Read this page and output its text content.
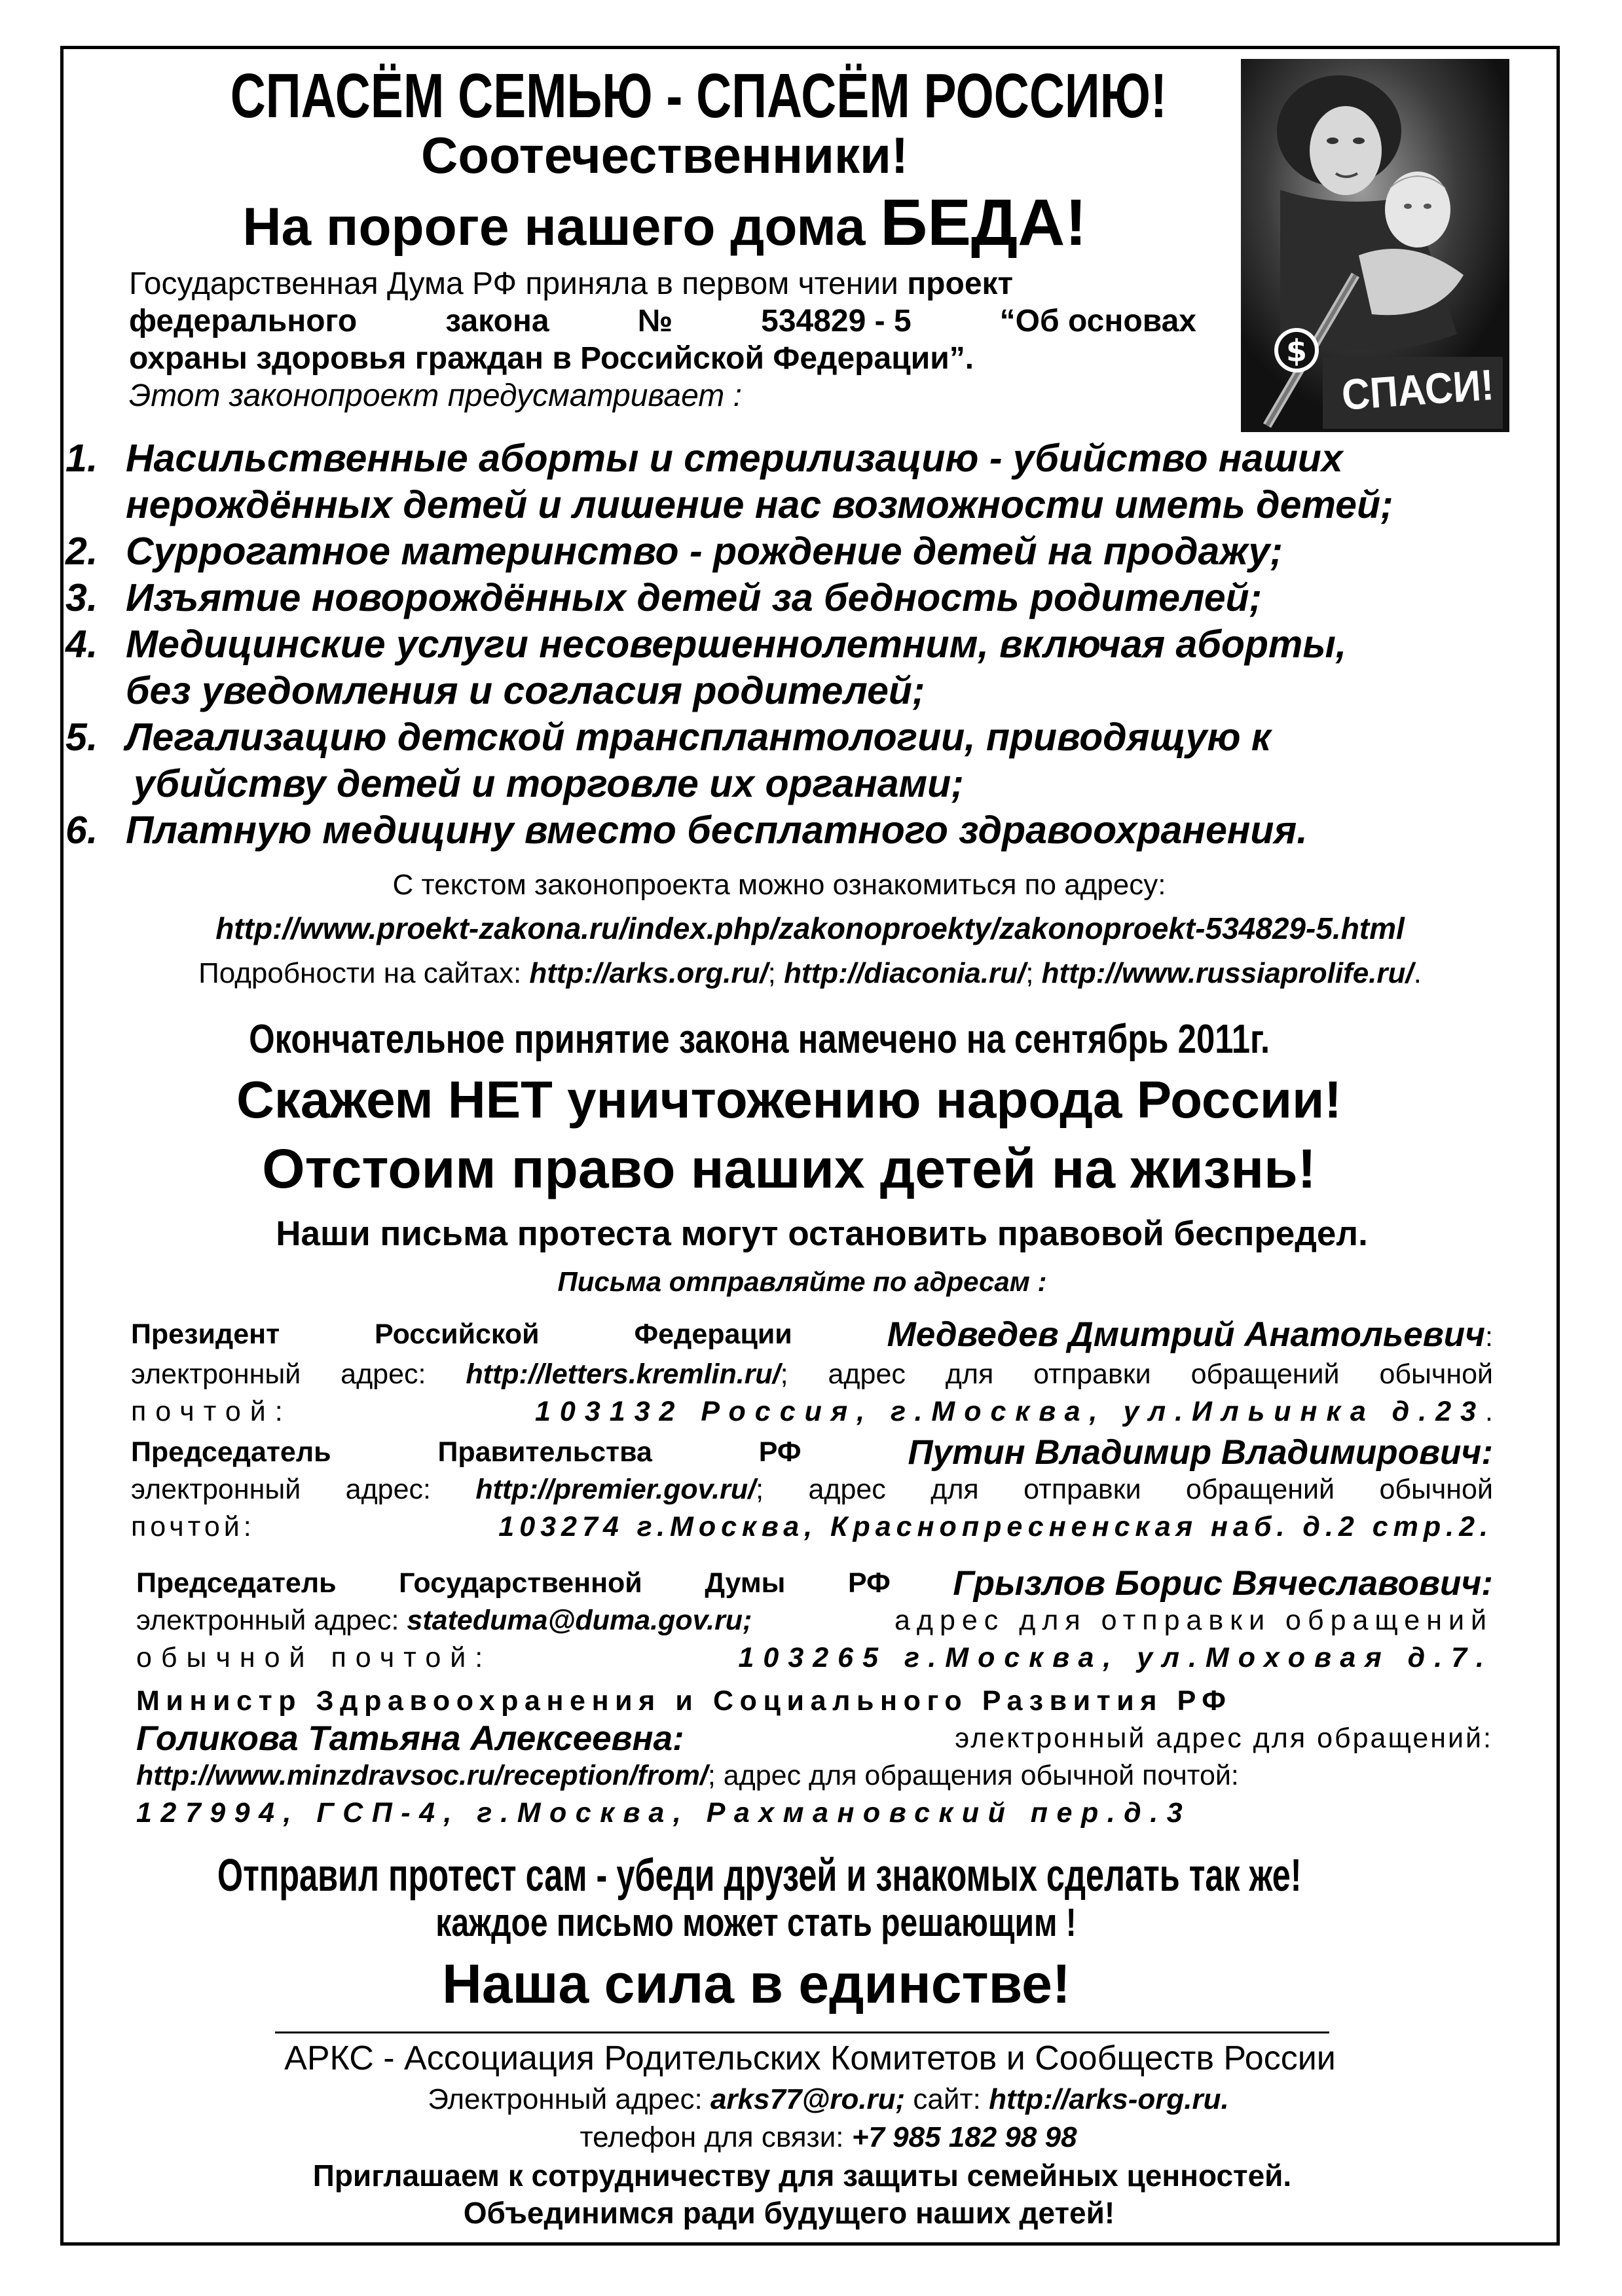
СПАСЁМ СЕМЬЮ - СПАСЁМ РОССИЮ!
Соотечественники!
На пороге нашего дома БЕДА!
$
СПАСИ!
Государственная Дума РФ приняла в первом чтении проект
федерального	закона	№	534829 - 5	“Об основах
охраны здоровья граждан в Российской Федерации”.
Этот законопроект предусматривает :
1. Насильственные аборты и стерилизацию - убийство наших
нерождённых детей и лишение нас возможности иметь детей;
2. Суррогатное материнство - рождение детей на продажу;
3. Изъятие новорождённых детей за бедность родителей;
4. Медицинские услуги несовершеннолетним, включая аборты,
без уведомления и согласия родителей;
5. Легализацию детской трансплантологии, приводящую к
убийству детей и торговле их органами;
6. Платную медицину вместо бесплатного здравоохранения.
С текстом законопроекта можно ознакомиться по адресу:
http://www.proekt-zakona.ru/index.php/zakonoproekty/zakonoproekt-534829-5.html
Подробности на сайтах: http://arks.org.ru/; http://diaconia.ru/; http://www.russiaprolife.ru/.
Окончательное принятие закона намечено на сентябрь 2011г.
Скажем НЕТ уничтожению народа России!
Отстоим право наших детей на жизнь!
Наши письма протеста могут остановить правовой беспредел.
Письма отправляйте по адресам :
Президент	Российской	Федерации	Медведев Дмитрий Анатольевич:
электронный адрес: http://letters.kremlin.ru/; адрес для отправки обращений обычной
почтой:	103132 Россия, г.Москва, ул.Ильинка д.23.
Председатель	Правительства	РФ	Путин Владимир Владимирович:
электронный адрес: http://premier.gov.ru/; адрес для отправки обращений обычной
почтой:	103274 г.Москва, Краснопресненская наб. д.2 стр.2.
Председатель Государственной Думы РФ Грызлов Борис Вячеславович:
электронный адрес: stateduma@duma.gov.ru;	адрес для отправки обращений
обычной почтой:	103265 г.Москва, ул.Моховая д.7.
Министр Здравоохранения и Социального Развития РФ
Голикова Татьяна Алексеевна:	электронный адрес для обращений:
http://www.minzdravsoc.ru/reception/from/; адрес для обращения обычной почтой:
127994, ГСП-4, г.Москва, Рахмановский пер.д.3
Отправил протест сам - убеди друзей и знакомых сделать так же!
каждое письмо может стать решающим !
Наша сила в единстве!
АРКС - Ассоциация Родительских Комитетов и Сообществ России
Электронный адрес: arks77@ro.ru; сайт: http://arks-org.ru.
телефон для связи: +7 985 182 98 98
Приглашаем к сотрудничеству для защиты семейных ценностей.
Объединимся ради будущего наших детей!
